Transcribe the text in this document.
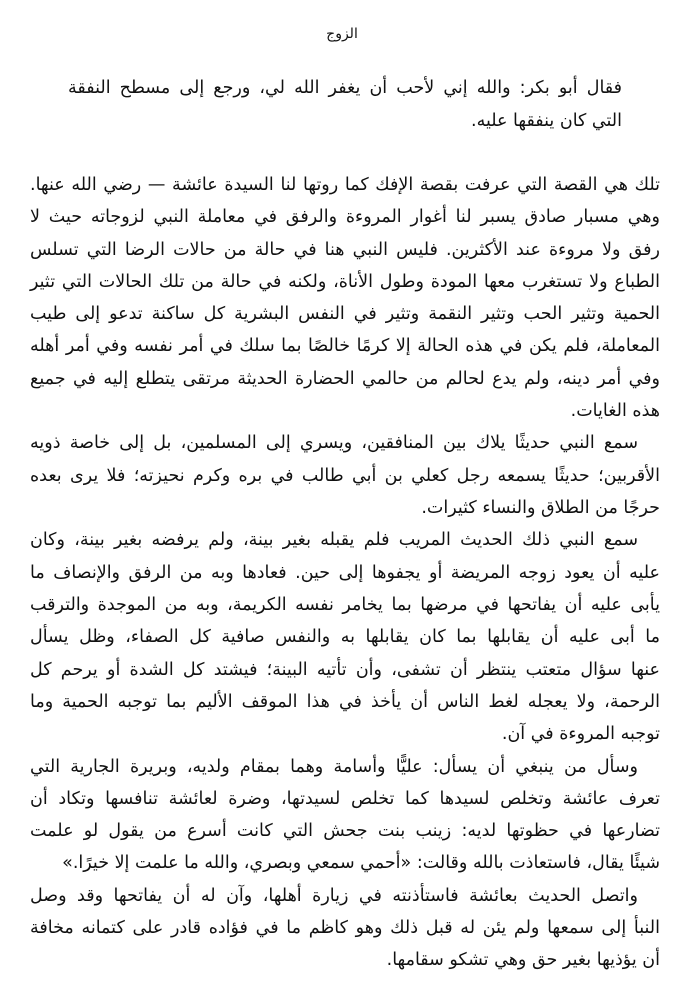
الزوج
فقال أبو بكر: والله إني لأحب أن يغفر الله لي، ورجع إلى مسطح النفقة
التي كان ينفقها عليه.
تلك هي القصة التي عرفت بقصة الإفك كما روتها لنا السيدة عائشة — رضي الله عنها.
وهي مسبار صادق يسبر لنا أغوار المروءة والرفق في معاملة النبي لزوجاته حيث لا
رفق ولا مروءة عند الأكثرين. فليس النبي هنا في حالة من حالات الرضا التي تسلس
الطباع ولا تستغرب معها المودة وطول الأناة، ولكنه في حالة من تلك الحالات التي تثير
الحمية وتثير الحب وتثير النقمة وتثير في النفس البشرية كل ساكنة تدعو إلى طيب
المعاملة، فلم يكن في هذه الحالة إلا كرمًا خالصًا بما سلك في أمر نفسه وفي أمر أهله
وفي أمر دينه، ولم يدع لحالم من حالمي الحضارة الحديثة مرتقى يتطلع إليه في جميع
هذه الغايات.
سمع النبي حديثًا يلاك بين المنافقين، ويسري إلى المسلمين، بل إلى خاصة ذويه
الأقربين؛ حديثًا يسمعه رجل كعلي بن أبي طالب في بره وكرم نحيزته؛ فلا يرى بعده
حرجًا من الطلاق والنساء كثيرات.
سمع النبي ذلك الحديث المريب فلم يقبله بغير بينة، ولم يرفضه بغير بينة، وكان
عليه أن يعود زوجه المريضة أو يجفوها إلى حين. فعادها وبه من الرفق والإنصاف ما
يأبى عليه أن يفاتحها في مرضها بما يخامر نفسه الكريمة، وبه من الموجدة والترقب
ما أبى عليه أن يقابلها بما كان يقابلها به والنفس صافية كل الصفاء، وظل يسأل
عنها سؤال متعتب ينتظر أن تشفى، وأن تأتيه البينة؛ فيشتد كل الشدة أو يرحم كل
الرحمة، ولا يعجله لغط الناس أن يأخذ في هذا الموقف الأليم بما توجبه الحمية وما
توجبه المروءة في آن.
وسأل من ينبغي أن يسأل: عليًّا وأسامة وهما بمقام ولديه، وبريرة الجارية التي
تعرف عائشة وتخلص لسيدها كما تخلص لسيدتها، وضرة لعائشة تنافسها وتكاد أن
تضارعها في حظوتها لديه: زينب بنت جحش التي كانت أسرع من يقول لو علمت
شيئًا يقال، فاستعاذت بالله وقالت: «أحمي سمعي وبصري، والله ما علمت إلا خيرًا.»
واتصل الحديث بعائشة فاستأذنته في زيارة أهلها، وآن له أن يفاتحها وقد وصل
النبأ إلى سمعها ولم يئن له قبل ذلك وهو كاظم ما في فؤاده قادر على كتمانه مخافة
أن يؤذيها بغير حق وهي تشكو سقامها.
